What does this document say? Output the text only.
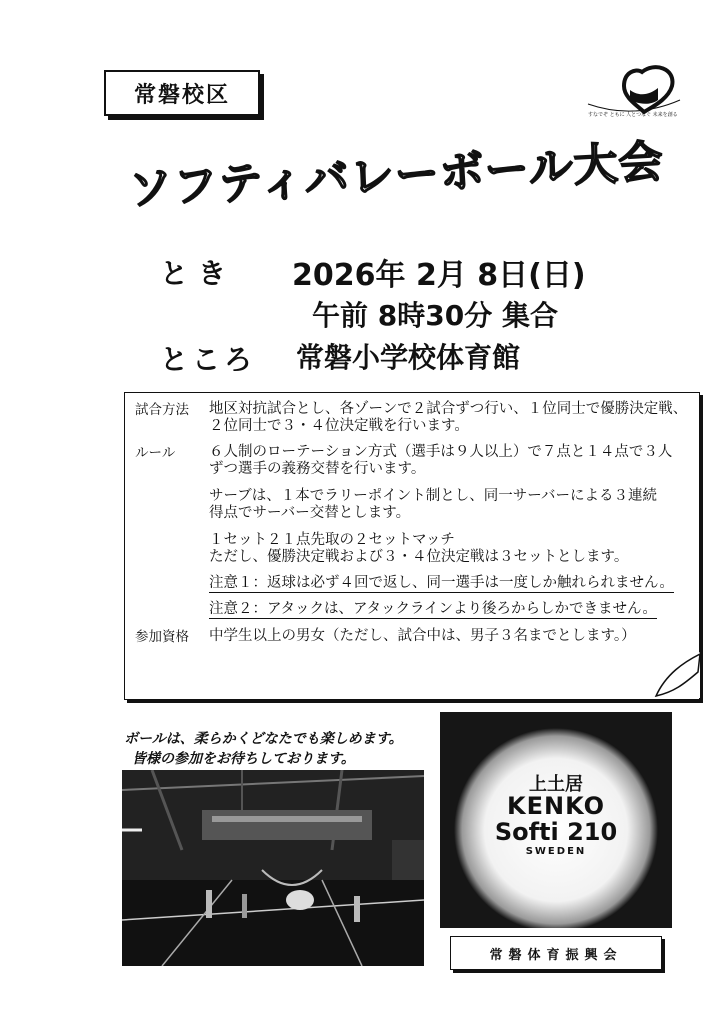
常磐校区
すなでぞ ともに 人とつなぐ 未来を創る
ソフティバレーボール大会
とき 2026年 2月 8日(日)
午前 8時30分 集合
ところ 常磐小学校体育館
試合方法 地区対抗試合とし、各ゾーンで２試合ずつ行い、１位同士で優勝決定戦、
２位同士で３・４位決定戦を行います。
ルール ６人制のローテーション方式（選手は９人以上）で７点と１４点で３人
ずつ選手の義務交替を行います。
サーブは、１本でラリーポイント制とし、同一サーバーによる３連続
得点でサーバー交替とします。
１セット２１点先取の２セットマッチ
ただし、優勝決定戦および３・４位決定戦は３セットとします。
注意１：返球は必ず４回で返し、同一選手は一度しか触れられません。
注意２：アタックは、アタックラインより後ろからしかできません。
参加資格 中学生以上の男女（ただし、試合中は、男子３名までとします。）
ボールは、柔らかくどなたでも楽しめます。
皆様の参加をお待ちしております。
上土居
KENKO
Softi 210
SWEDEN
常磐体育振興会
